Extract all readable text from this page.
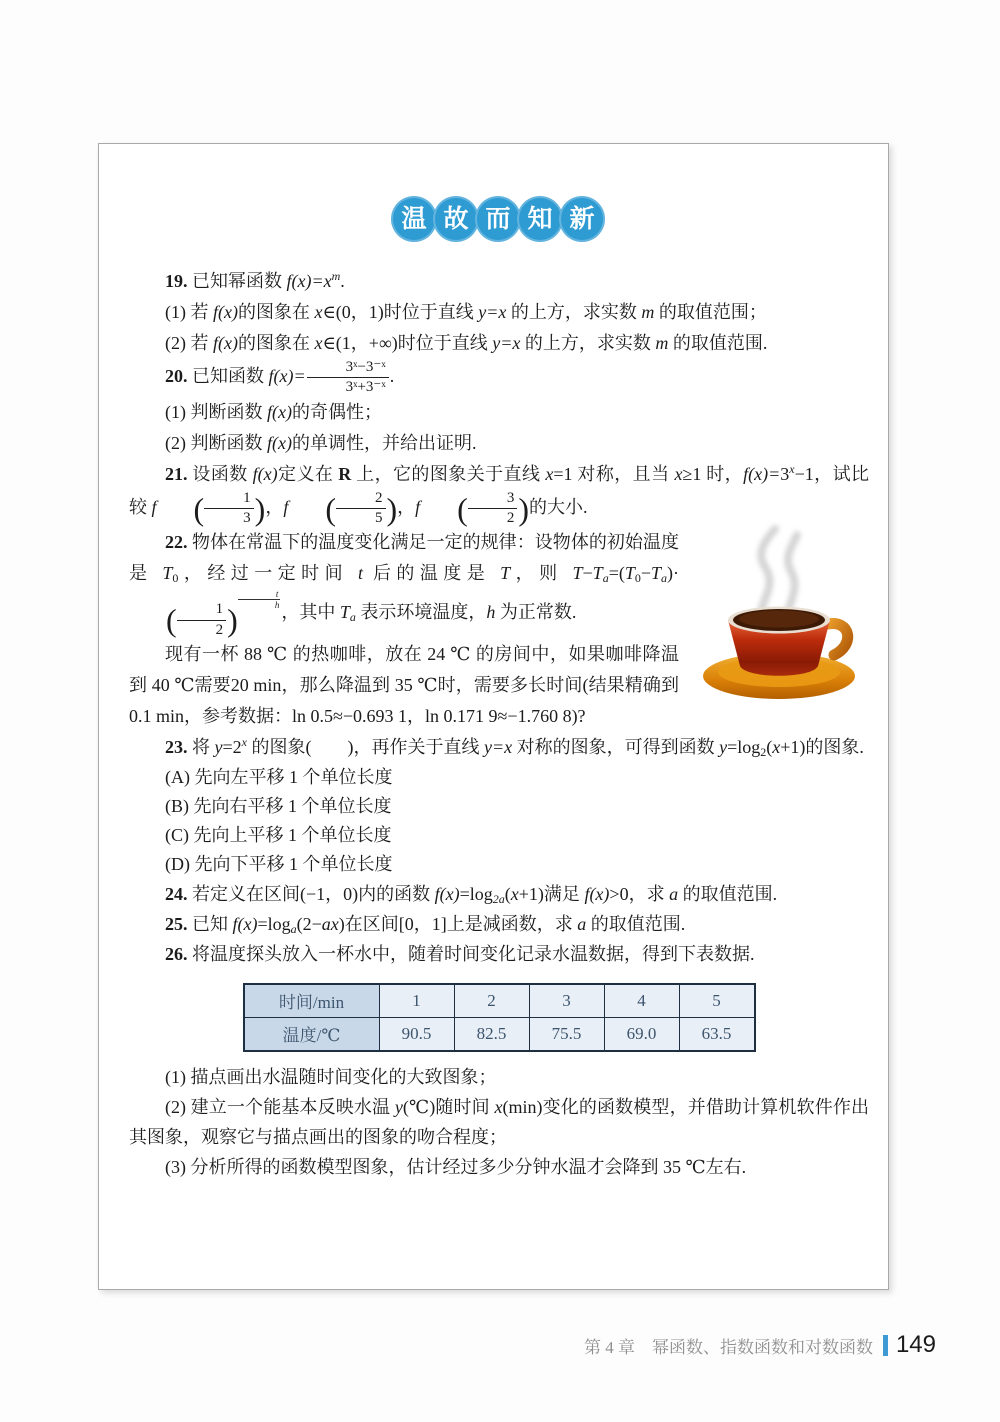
温 故 而 知 新

19. 已知幂函数 $f(x)=x^m$.

(1) 若 f(x)的图象在 x∈(0，1)时位于直线 y=x 的上方，求实数 m 的取值范围；

(2) 若 f(x)的图象在 x∈(1，+∞)时位于直线 y=x 的上方，求实数 m 的取值范围.

20. 已知函数 $f(x)= \frac{\text{3ˣ−3⁻ˣ}}{\text{3ˣ+3⁻ˣ}}$ .

(1) 判断函数 f(x)的奇偶性；

(2) 判断函数 f(x)的单调性，并给出证明.

21. 设函数 f(x)定义在 R 上，它的图象关于直线 x=1 对称，且当 x≥1 时，$f(x)=3^x-1$，试比较 f ( $\frac{1}{3}$ )，f ( $\frac{2}{5}$ )，f ( $\frac{3}{2}$ )的大小.

22. 物体在常温下的温度变化满足一定的规律：设物体的初始温度是 $T_0$，经过一定时间 t 后的温度是 T，则 $T-T_a=(T_0-T_a)\cdot( \frac{1}{2}$ )
$\frac{t}{h}$
，其中 $T_a$ 表示环境温度，h 为正常数.

现有一杯 88 ℃ 的热咖啡，放在 24 ℃ 的房间中，如果咖啡降温到 40 ℃需要20 min，那么降温到 35 ℃时，需要多长时间(结果精确到 0.1 min，参考数据：ln 0.5≈−0.693 1，ln 0.171 9≈−1.760 8)?

23. 将 $y=2^x$ 的图象(　　)，再作关于直线 y=x 对称的图象，可得到函数 $y=\log_2(x+1)$的图象.

(A) 先向左平移 1 个单位长度

(B) 先向右平移 1 个单位长度

(C) 先向上平移 1 个单位长度

(D) 先向下平移 1 个单位长度

24. 若定义在区间(−1，0)内的函数 $f(x)=\log_{2a}(x+1)$满足 f(x)>0，求 a 的取值范围.

25. 已知 $f(x)=\log_a(2-ax)$在区间[0，1]上是减函数，求 a 的取值范围.

26. 将温度探头放入一杯水中，随着时间变化记录水温数据，得到下表数据.

时间/min	1	2	3	4	5
温度/℃	90.5	82.5	75.5	69.0	63.5

(1) 描点画出水温随时间变化的大致图象；

(2) 建立一个能基本反映水温 y(℃)随时间 x(min)变化的函数模型，并借助计算机软件作出其图象，观察它与描点画出的图象的吻合程度；

(3) 分析所得的函数模型图象，估计经过多少分钟水温才会降到 35 ℃左右.

第 4 章　幂函数、指数函数和对数函数 149
